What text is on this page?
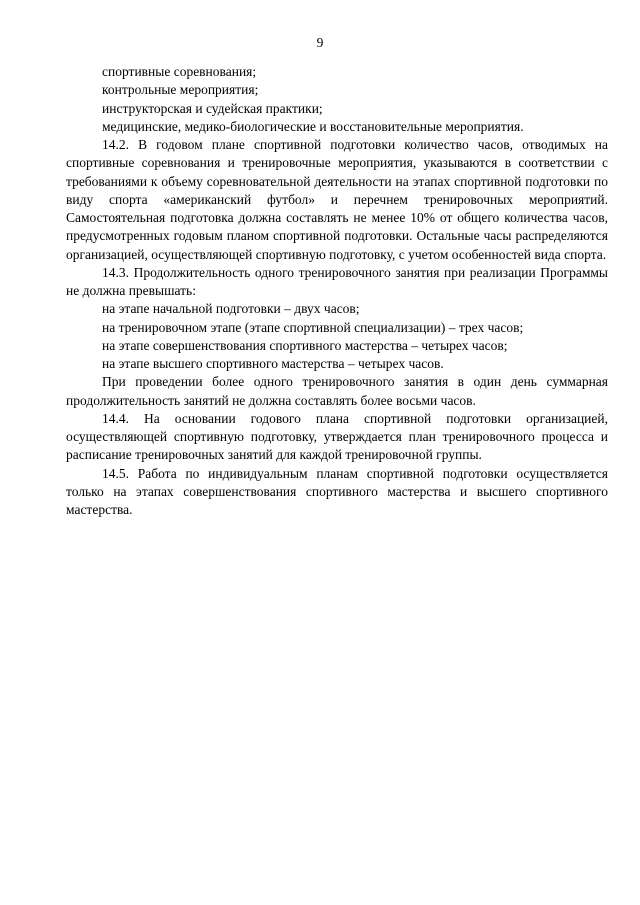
9

спортивные соревнования;

контрольные мероприятия;

инструкторская и судейская практики;

медицинские, медико-биологические и восстановительные мероприятия.

14.2. В годовом плане спортивной подготовки количество часов, отводимых на спортивные соревнования и тренировочные мероприятия, указываются в соответствии с требованиями к объему соревновательной деятельности на этапах спортивной подготовки по виду спорта «американский футбол» и перечнем тренировочных мероприятий. Самостоятельная подготовка должна составлять не менее 10% от общего количества часов, предусмотренных годовым планом спортивной подготовки. Остальные часы распределяются организацией, осуществляющей спортивную подготовку, с учетом особенностей вида спорта.

14.3. Продолжительность одного тренировочного занятия при реализации Программы не должна превышать:

на этапе начальной подготовки – двух часов;

на тренировочном этапе (этапе спортивной специализации) – трех часов;

на этапе совершенствования спортивного мастерства – четырех часов;

на этапе высшего спортивного мастерства – четырех часов.

При проведении более одного тренировочного занятия в один день суммарная продолжительность занятий не должна составлять более восьми часов.

14.4. На основании годового плана спортивной подготовки организацией, осуществляющей спортивную подготовку, утверждается план тренировочного процесса и расписание тренировочных занятий для каждой тренировочной группы.

14.5. Работа по индивидуальным планам спортивной подготовки осуществляется только на этапах совершенствования спортивного мастерства и высшего спортивного мастерства.
